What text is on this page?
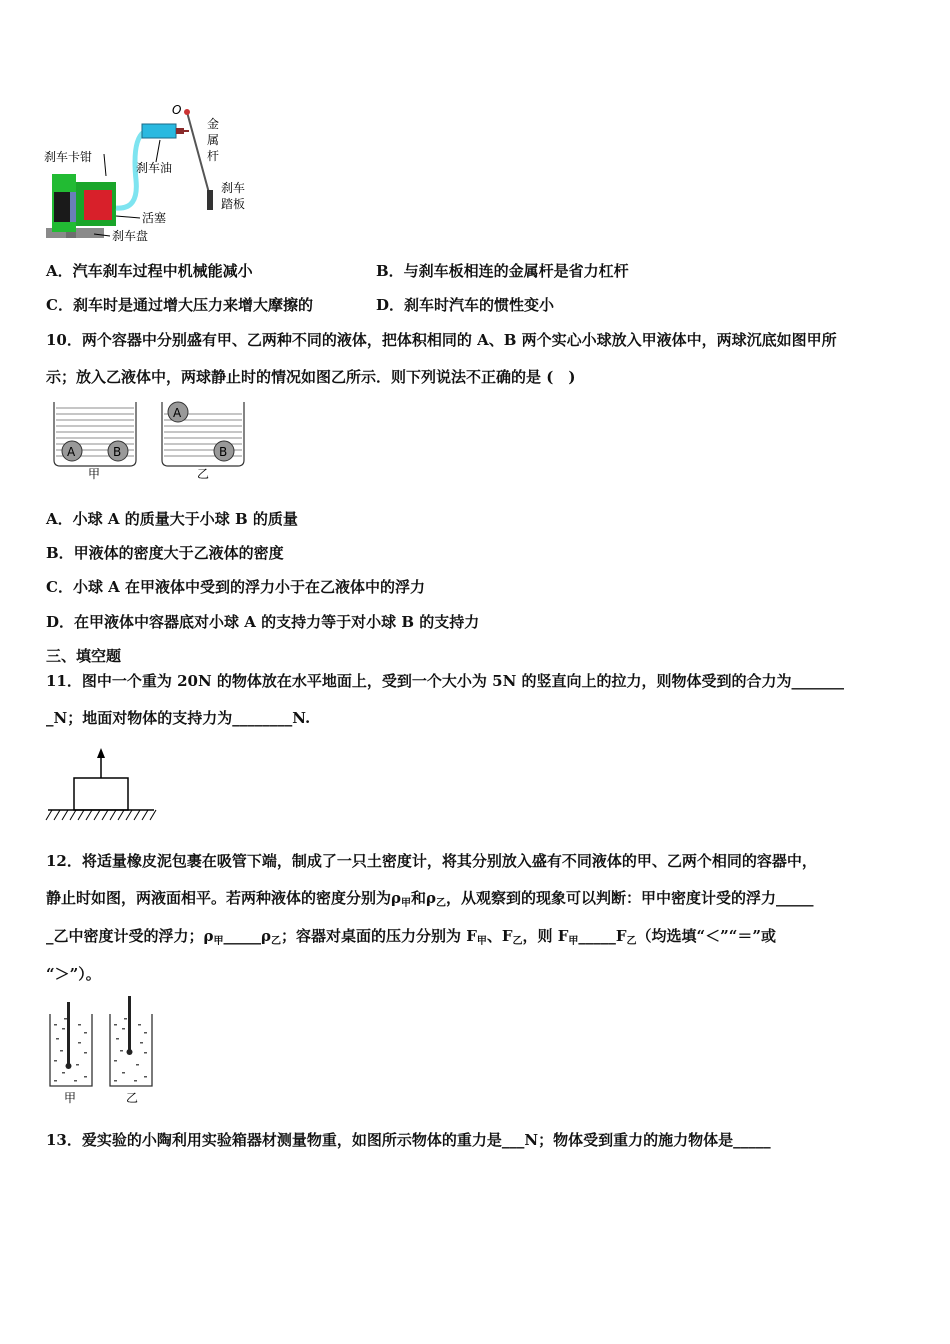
O
刹车卡钳
刹车油
金
属
杆
刹车
踏板
活塞
刹车盘
A．汽车刹车过程中机械能减小	B．与刹车板相连的金属杆是省力杠杆
C．刹车时是通过增大压力来增大摩擦的	D．刹车时汽车的惯性变小
10．两个容器中分别盛有甲、乙两种不同的液体，把体积相同的 A、B 两个实心小球放入甲液体中，两球沉底如图甲所
示；放入乙液体中，两球静止时的情况如图乙所示．则下列说法不正确的是 (　)
A	B
A
B
甲	乙
A．小球 A 的质量大于小球 B 的质量
B．甲液体的密度大于乙液体的密度
C．小球 A 在甲液体中受到的浮力小于在乙液体中的浮力
D．在甲液体中容器底对小球 A 的支持力等于对小球 B 的支持力
三、填空题
11．图中一个重为 20N 的物体放在水平地面上，受到一个大小为 5N 的竖直向上的拉力，则物体受到的合力为_______
_N；地面对物体的支持力为________N.
12．将适量橡皮泥包裹在吸管下端，制成了一只土密度计，将其分别放入盛有不同液体的甲、乙两个相同的容器中，
静止时如图，两液面相平。若两种液体的密度分别为$\rho_甲$和$\rho_乙$，从观察到的现象可以判断：甲中密度计受的浮力_____
_乙中密度计受的浮力；$\rho_甲\_\_\_\_\_\rho_乙$；容器对桌面的压力分别为 $F_甲$、$F_乙$，则 $F_甲\_\_\_\_\_F_乙$（均选填“＜”“＝”或
“＞”）。
甲	乙
13．爱实验的小陶利用实验箱器材测量物重，如图所示物体的重力是___N；物体受到重力的施力物体是_____
